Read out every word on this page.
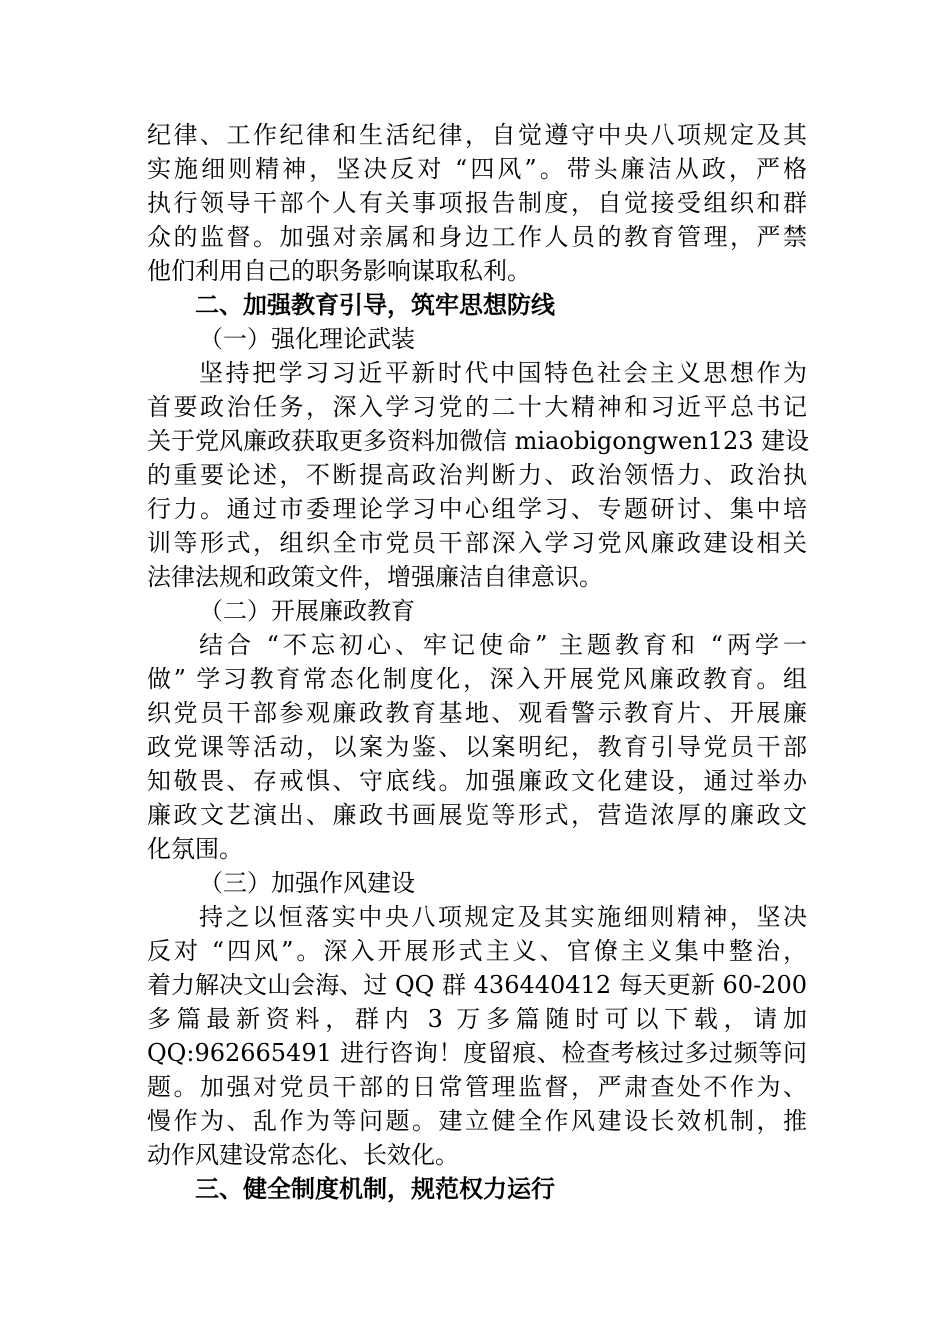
纪律、工作纪律和生活纪律，自觉遵守中央八项规定及其
实施细则精神，坚决反对 “四风”。带头廉洁从政，严格
执行领导干部个人有关事项报告制度，自觉接受组织和群
众的监督。加强对亲属和身边工作人员的教育管理，严禁
他们利用自己的职务影响谋取私利。
二、加强教育引导，筑牢思想防线
（一）强化理论武装
坚持把学习习近平新时代中国特色社会主义思想作为
首要政治任务，深入学习党的二十大精神和习近平总书记
关于党风廉政获取更多资料加微信 miaobigongwen123 建设
的重要论述，不断提高政治判断力、政治领悟力、政治执
行力。通过市委理论学习中心组学习、专题研讨、集中培
训等形式，组织全市党员干部深入学习党风廉政建设相关
法律法规和政策文件，增强廉洁自律意识。
（二）开展廉政教育
结合 “不忘初心、牢记使命” 主题教育和 “两学一
做” 学习教育常态化制度化，深入开展党风廉政教育。组
织党员干部参观廉政教育基地、观看警示教育片、开展廉
政党课等活动，以案为鉴、以案明纪，教育引导党员干部
知敬畏、存戒惧、守底线。加强廉政文化建设，通过举办
廉政文艺演出、廉政书画展览等形式，营造浓厚的廉政文
化氛围。
（三）加强作风建设
持之以恒落实中央八项规定及其实施细则精神，坚决
反对 “四风”。深入开展形式主义、官僚主义集中整治，
着力解决文山会海、过 QQ 群 436440412 每天更新 60-200
多篇最新资料，群内 3 万多篇随时可以下载，请加
QQ:962665491 进行咨询！度留痕、检查考核过多过频等问
题。加强对党员干部的日常管理监督，严肃查处不作为、
慢作为、乱作为等问题。建立健全作风建设长效机制，推
动作风建设常态化、长效化。
三、健全制度机制，规范权力运行
